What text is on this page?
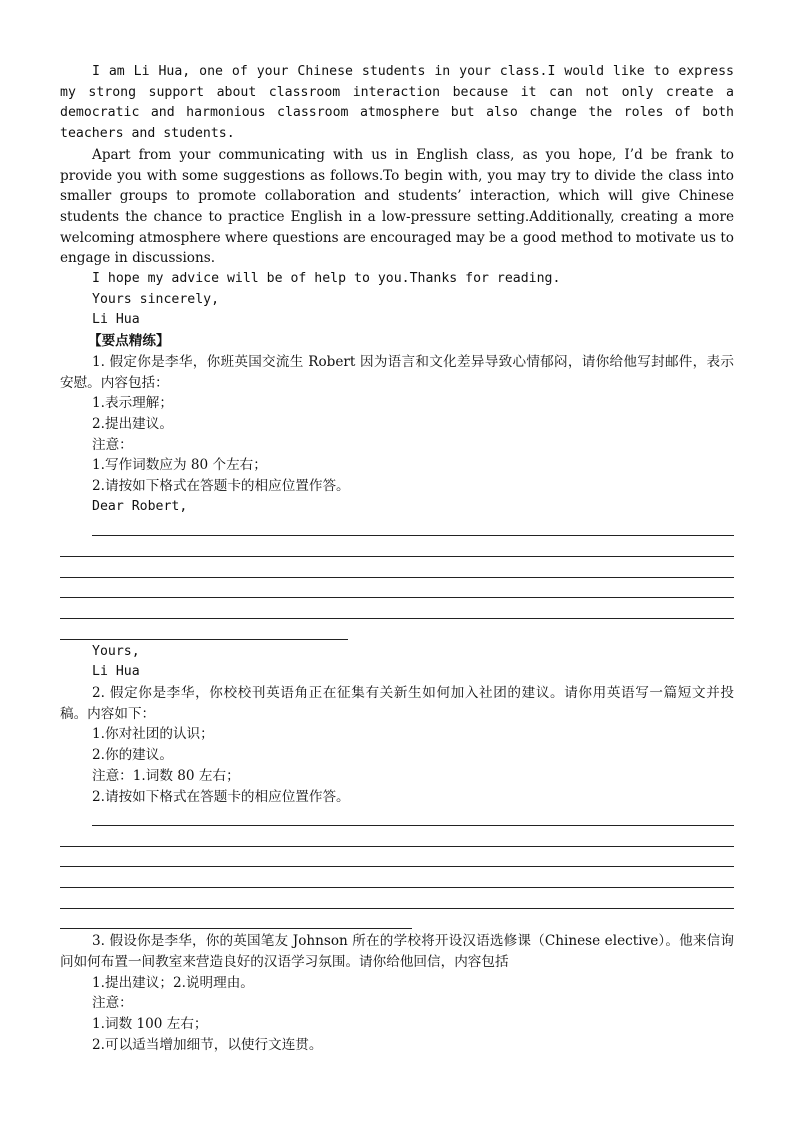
I am Li Hua, one of your Chinese students in your class.I would like to express my strong support about classroom interaction because it can not only create a democratic and harmonious classroom atmosphere but also change the roles of both teachers and students.

Apart from your communicating with us in English class, as you hope, I’d be frank to provide you with some suggestions as follows.To begin with, you may try to divide the class into smaller groups to promote collaboration and students’ interaction, which will give Chinese students the chance to practice English in a low-pressure setting.Additionally, creating a more welcoming atmosphere where questions are encouraged may be a good method to motivate us to engage in discussions.

I hope my advice will be of help to you.Thanks for reading.

Yours sincerely,

Li Hua

【要点精练】

1. 假定你是李华，你班英国交流生 Robert 因为语言和文化差异导致心情郁闷，请你给他写封邮件，表示安慰。内容包括：

1.表示理解；

2.提出建议。

注意：

1.写作词数应为 80 个左右；

2.请按如下格式在答题卡的相应位置作答。

Dear Robert,

Yours,

Li Hua

2. 假定你是李华，你校校刊英语角正在征集有关新生如何加入社团的建议。请你用英语写一篇短文并投稿。内容如下：

1.你对社团的认识；

2.你的建议。

注意：1.词数 80 左右；

2.请按如下格式在答题卡的相应位置作答。

3. 假设你是李华，你的英国笔友 Johnson 所在的学校将开设汉语选修课（Chinese elective）。他来信询问如何布置一间教室来营造良好的汉语学习氛围。请你给他回信，内容包括

1.提出建议；2.说明理由。

注意：

1.词数 100 左右；

2.可以适当增加细节，以使行文连贯。
